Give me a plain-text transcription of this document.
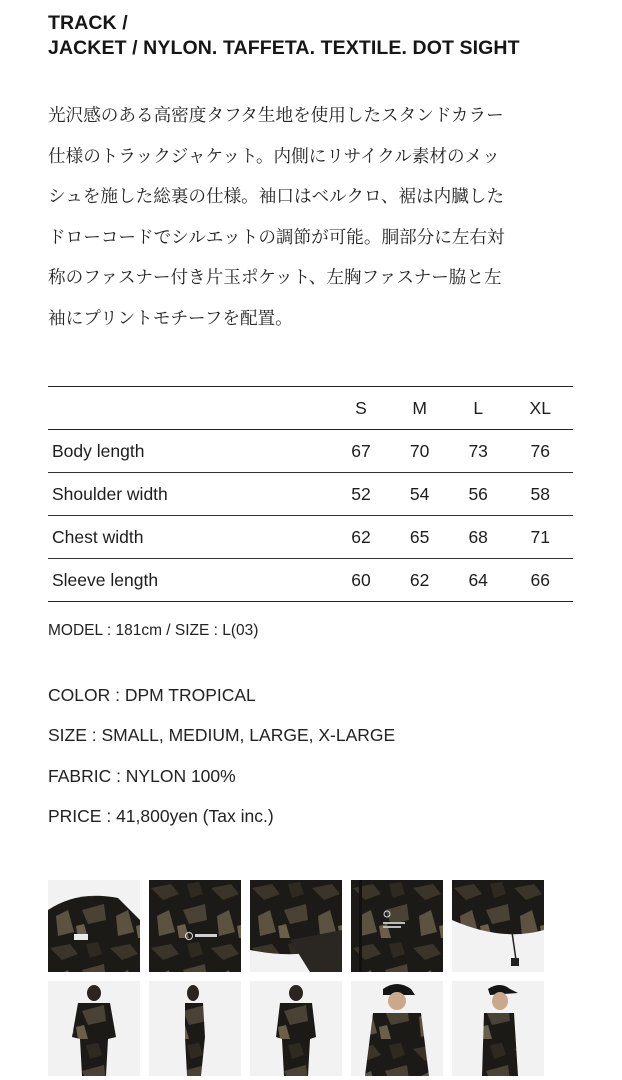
TRACK /
JACKET / NYLON. TAFFETA. TEXTILE. DOT SIGHT
光沢感のある高密度タフタ生地を使用したスタンドカラー
仕様のトラックジャケット。内側にリサイクル素材のメッ
シュを施した総裏の仕様。袖口はベルクロ、裾は内臓した
ドローコードでシルエットの調節が可能。胴部分に左右対
称のファスナー付き片玉ポケット、左胸ファスナー脇と左
袖にプリントモチーフを配置。
	S	M	L	XL
Body length	67	70	73	76
Shoulder width	52	54	56	58
Chest width	62	65	68	71
Sleeve length	60	62	64	66
MODEL : 181cm / SIZE : L(03)
COLOR : DPM TROPICAL
SIZE : SMALL, MEDIUM, LARGE, X-LARGE
FABRIC : NYLON 100%
PRICE : 41,800yen (Tax inc.)
